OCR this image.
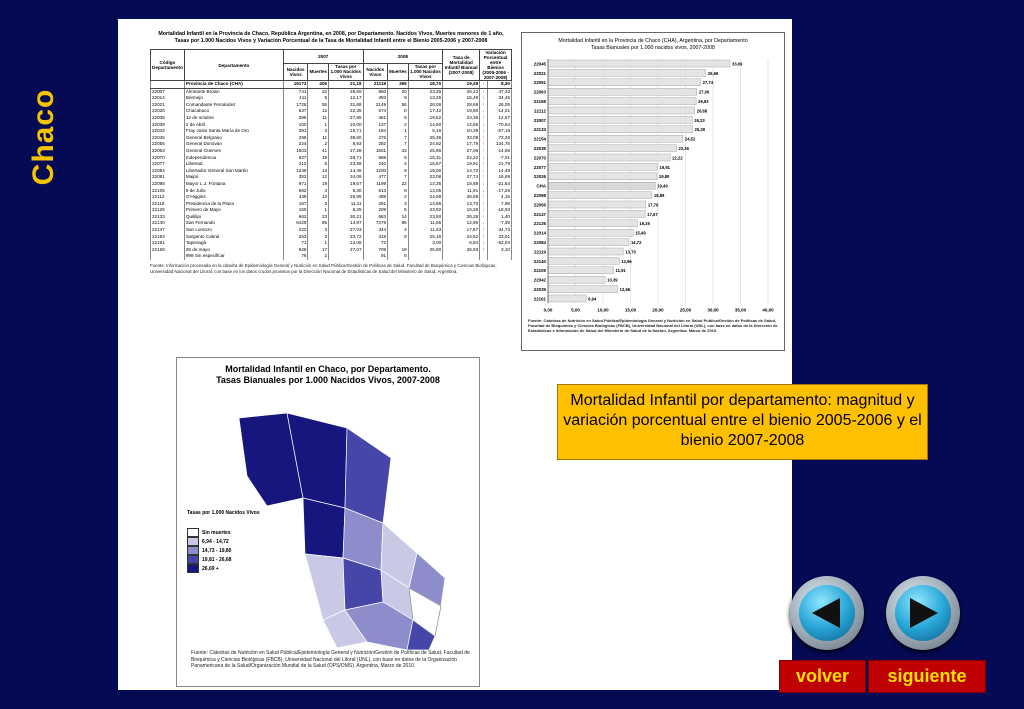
Chaco
Mortalidad Infantil en la Provincia de Chaco, República Argentina, en 2008, por Departamento. Nacidos Vivos, Muertes menores de 1 año,
Tasas por 1.000 Nacidos Vivos y Variación Porcentual de la Tasa de Mortalidad Infantil entre el Bienio 2005-2006 y 2007-2008
Código Departamento	Departamento	2007			2008			Tasa de Mortalidad Infantil Bianual (2007-2008)	Variación Porcentual entre Bienios (2005-2006 - 2007-2008)	
		Nacidos Vivos	Muertes	Tasas por 1.000 Nacidos Vivos	Nacidos Vivos	Muertes	Tasas por 1.000 Nacidos Vivos			
	Provincia de Chaco (CHA)	19173	406	21,18	21119	395	18,70	19,49	↑	8,30
22007	Almirante Brown	741	22	29,69	860	20	23,26	26,23	↑	47,33
22014	Bermejo	411	5	12,17	393	9	13,26	15,49	↑	34,45
22021	Comandante Fernández	1726	55	31,88	2149	56	26,06	28,69	↑	26,05
22026	Chacabuco	537	12	22,35	574	0	17,42	19,80	↓	-14,01
22035	12 de octubre	395	11	27,85	461	9	19,52	23,36	↑	12,67
22039	2 de Abril	100	1	10,00	137	2	14,60	12,66	↓	-70,54
22042	Fray Justo Santa María de Oro	391	3	15,71	184	1	5,16	10,39	↓	-57,19
22045	General Belgrano	296	11	38,60	276	7	25,36	33,09	↑	73,26
22056	General Donovan	224	2	8,93	282	7	24,82	17,79	↑	134,78
22063	General Güemes	1503	41	27,28	1601	43	25,86	27,06	↑	14,66
22070	Independencia	627	19	28,71	588	9	15,31	22,22	↓	-7,01
22077	Libertad	212	5	23,58	240	4	16,67	19,91	↑	21,79
22084	Libertador General San Martín	1246	13	14,46	1200	8	15,00	14,72	↓	14,48
22091	Maipú	352	12	34,09	477	7	23,08	27,74	↑	16,69
22098	Mayor L.J. Fontana	971	19	19,57	1199	22	13,35	18,89	↓	-21,54
22105	9 de Julio	562	3	5,30	613	8	13,05	11,91	↓	-17,26
22112	O'Higgins	449	13	28,95	488	2	24,59	26,68	↑	4,15
22119	Presidencia de la Plaza	167	3	11,11	281	3	13,66	13,70	↑	7,99
22126	Primero de Mayo	160	1	6,25	209	5	23,92	16,26	↓	-18,93
22133	Quitilipi	662	23	30,21	683	14	23,50	26,28	↑	1,40
22140	San Fernando	6429	85	14,87	7379	86	11,65	12,96	↓	-7,39
22147	San Lorenzo	222	3	27,03	344	4	11,63	17,67	↑	34,73
22154	Sargento Cabral	253	3	23,72	318	8	25,16	24,52	↑	33,01
22161	Tapenagá	71	1	14,08	73		3,00	6,94	↓	-62,04
22168	25 de mayo	628	17	27,07	709	19	25,80	26,93	↑	3,10
	999 Sin especificar	76	2		91	8				
Fuente: Información procesada en la cátedra de Epidemiología General y Nutrición en Salud Pública/Gestión de Políticas de Salud. Facultad de Bioquímica y Ciencias Biológicas, Universidad Nacional del Litoral, con base en los datos crudos provistos por la Dirección Nacional de Estadísticas de Salud del Ministerio de Salud, Argentina.
Mortalidad Infantil en la Provincia de Chaco (CHA), Argentina, por Departamento
Tasas Bianuales por 1.000 nacidos vivos, 2007-2008
0,00	5,00	10,00	15,00	20,00	25,00	30,00	35,00	40,00
22045	33,09
22021	26,69
22091	27,74
22063	27,06
22168	26,93
22112	26,68
22007	26,23
22133	25,28
22154	24,52
22035	23,36
22070	22,22
22077	19,91
22026	19,80
CHA	19,49
22098	18,89
22056	17,79
22147	17,67
22126	16,26
22014	15,49
22084	14,72
22119	13,70
22140	12,96
22105	11,91
22042	10,39
22039	12,66
22161	6,94
Fuente: Cátedras de Nutrición en Salud Pública/Epidemiología General y Nutrición en Salud Pública/Gestión de Políticas de Salud, Facultad de Bioquímica y Ciencias Biológicas (FBCB), Universidad Nacional del Litoral (UNL), con base en datos de la Dirección de Estadísticas e Información de Salud del Ministerio de Salud de la Nación, Argentina. Marzo de 2010.
Mortalidad Infantil en Chaco, por Departamento.
Tasas Bianuales por 1.000 Nacidos Vivos, 2007-2008
Tasas por 1.000 Nacidos Vivos
Sin muertes
6,94 - 14,72
14,73 - 19,80
19,81 - 26,68
26,69 +
Fuente: Cátedras de Nutrición en Salud Pública/Epidemiología General y Nutrición/Gestión de Políticas de Salud, Facultad de Bioquímica y Ciencias Biológicas (FBCB), Universidad Nacional del Litoral (UNL), con base en datos de la Organización Panamericana de la Salud/Organización Mundial de la Salud (OPS/OMS). Argentina, Marzo de 2010.
Mortalidad Infantil por departamento: magnitud y variación porcentual entre el bienio 2005-2006 y el bienio 2007-2008
volver	siguiente
